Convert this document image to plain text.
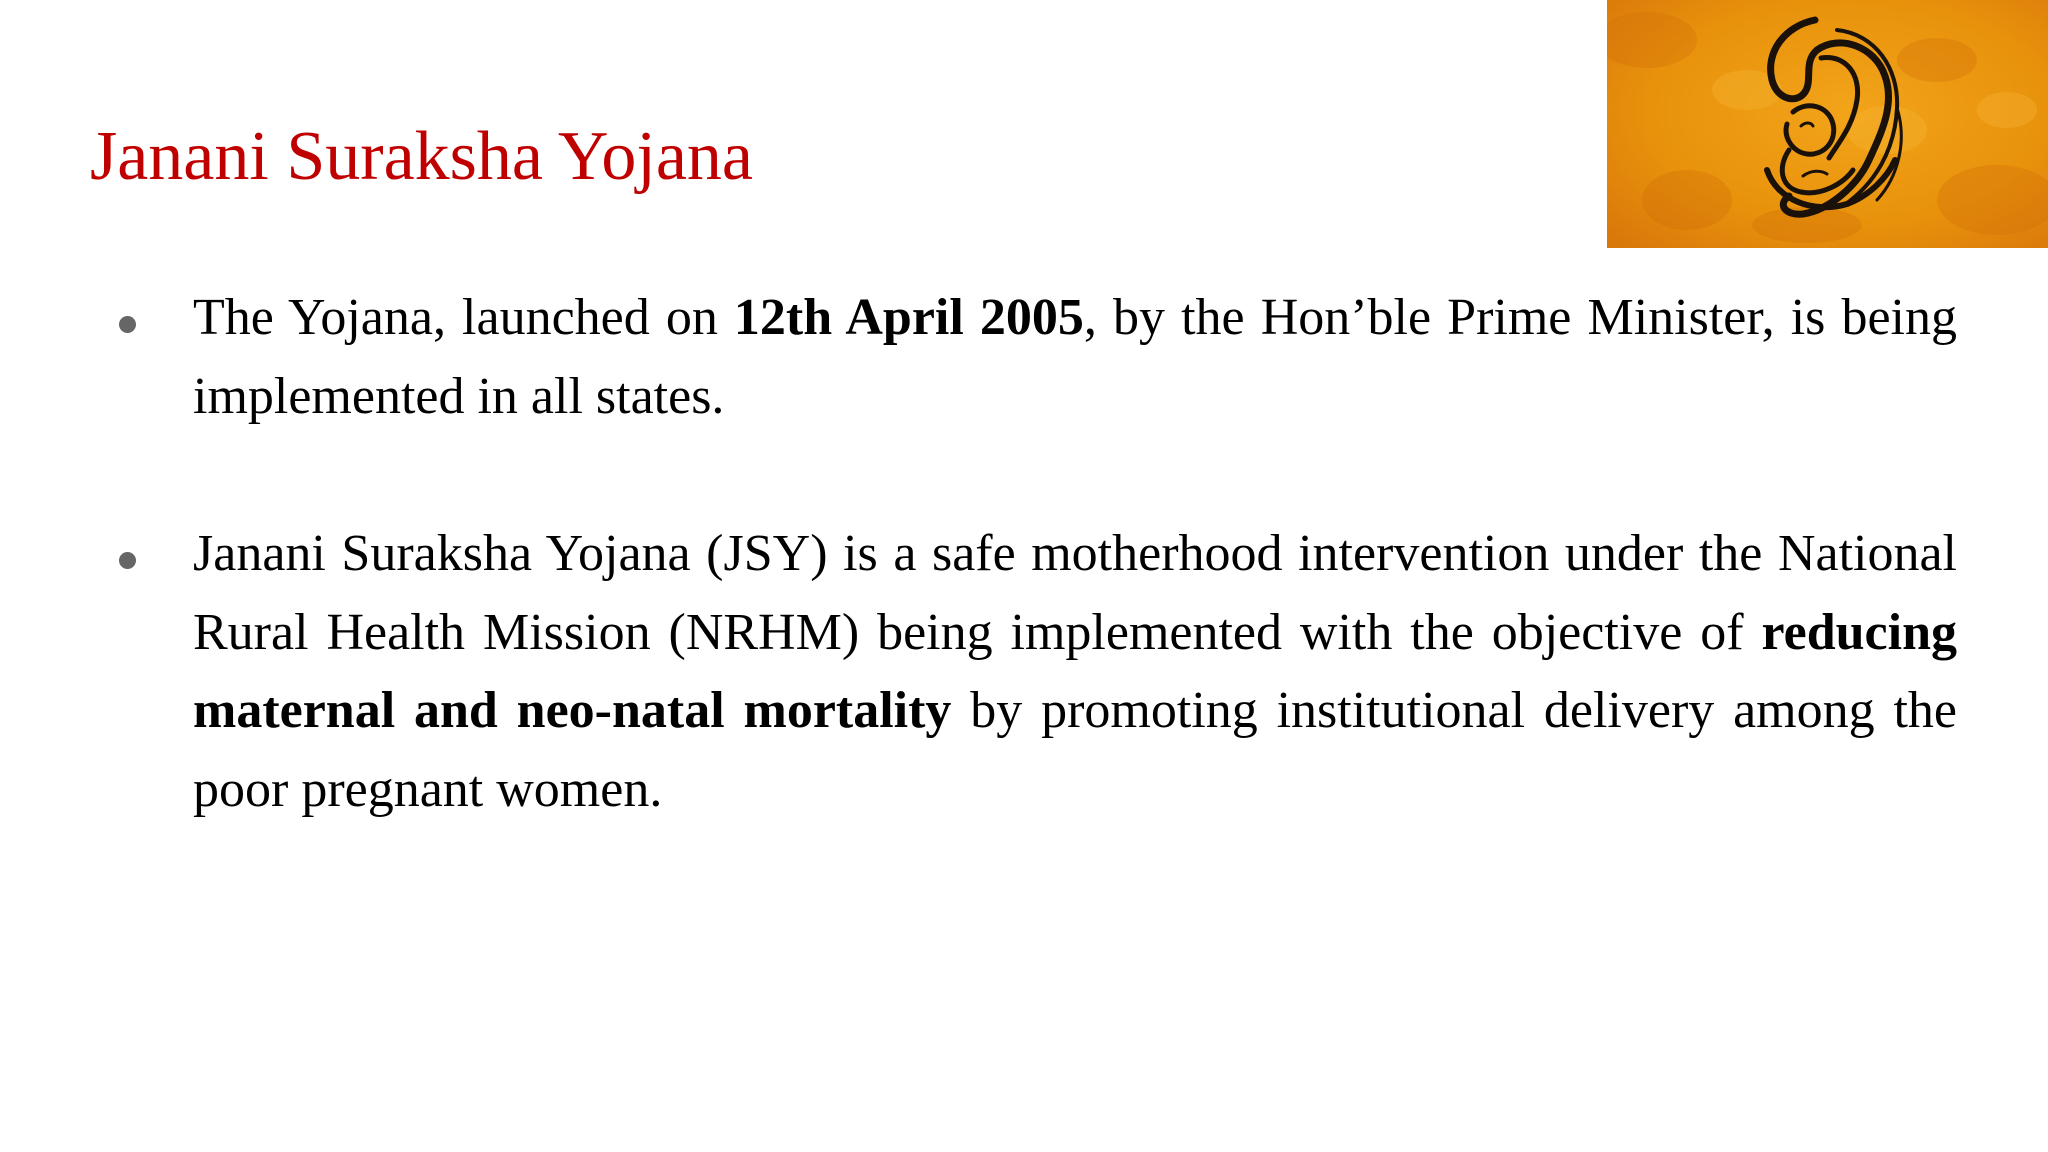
Janani Suraksha Yojana
The Yojana, launched on 12th April 2005, by the Hon’ble Prime Minister, is being implemented in all states.
Janani Suraksha Yojana (JSY) is a safe motherhood intervention under the National Rural Health Mission (NRHM) being implemented with the objective of reducing maternal and neo-natal mortality by promoting institutional delivery among the poor pregnant women.
